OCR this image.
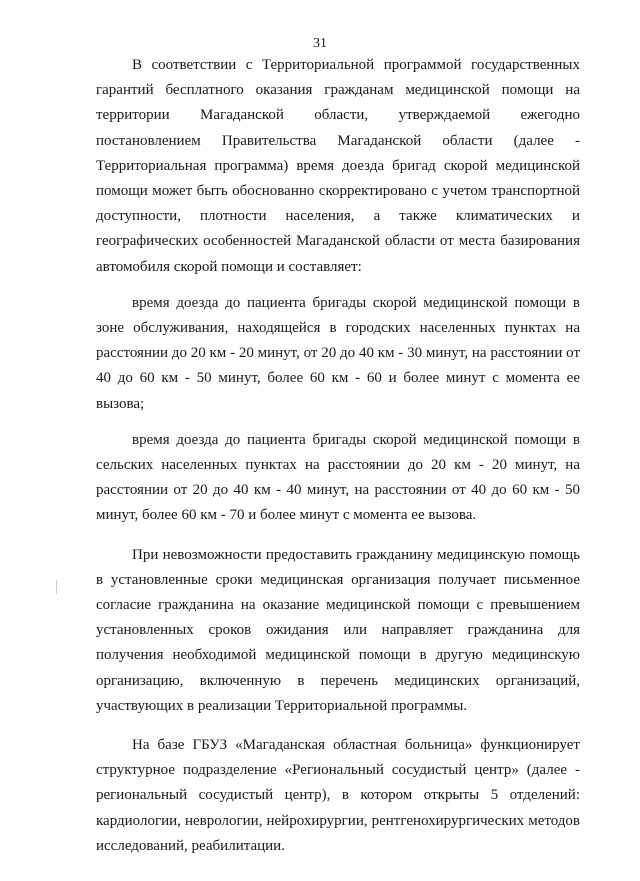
31

В соответствии с Территориальной программой государственных гарантий бесплатного оказания гражданам медицинской помощи на территории Магаданской области, утверждаемой ежегодно постановлением Правительства Магаданской области (далее - Территориальная программа) время доезда бригад скорой медицинской помощи может быть обоснованно скорректировано с учетом транспортной доступности, плотности населения, а также климатических и географических особенностей Магаданской области от места базирования автомобиля скорой помощи и составляет:

время доезда до пациента бригады скорой медицинской помощи в зоне обслуживания, находящейся в городских населенных пунктах на расстоянии до 20 км - 20 минут, от 20 до 40 км - 30 минут, на расстоянии от 40 до 60 км - 50 минут, более 60 км - 60 и более минут с момента ее вызова;

время доезда до пациента бригады скорой медицинской помощи в сельских населенных пунктах на расстоянии до 20 км - 20 минут, на расстоянии от 20 до 40 км - 40 минут, на расстоянии от 40 до 60 км - 50 минут, более 60 км - 70 и более минут с момента ее вызова.

При невозможности предоставить гражданину медицинскую помощь в установленные сроки медицинская организация получает письменное согласие гражданина на оказание медицинской помощи с превышением установленных сроков ожидания или направляет гражданина для получения необходимой медицинской помощи в другую медицинскую организацию, включенную в перечень медицинских организаций, участвующих в реализации Территориальной программы.

На базе ГБУЗ «Магаданская областная больница» функционирует структурное подразделение «Региональный сосудистый центр» (далее - региональный сосудистый центр), в котором открыты 5 отделений: кардиологии, неврологии, нейрохирургии, рентгенохирургических методов исследований, реабилитации.
